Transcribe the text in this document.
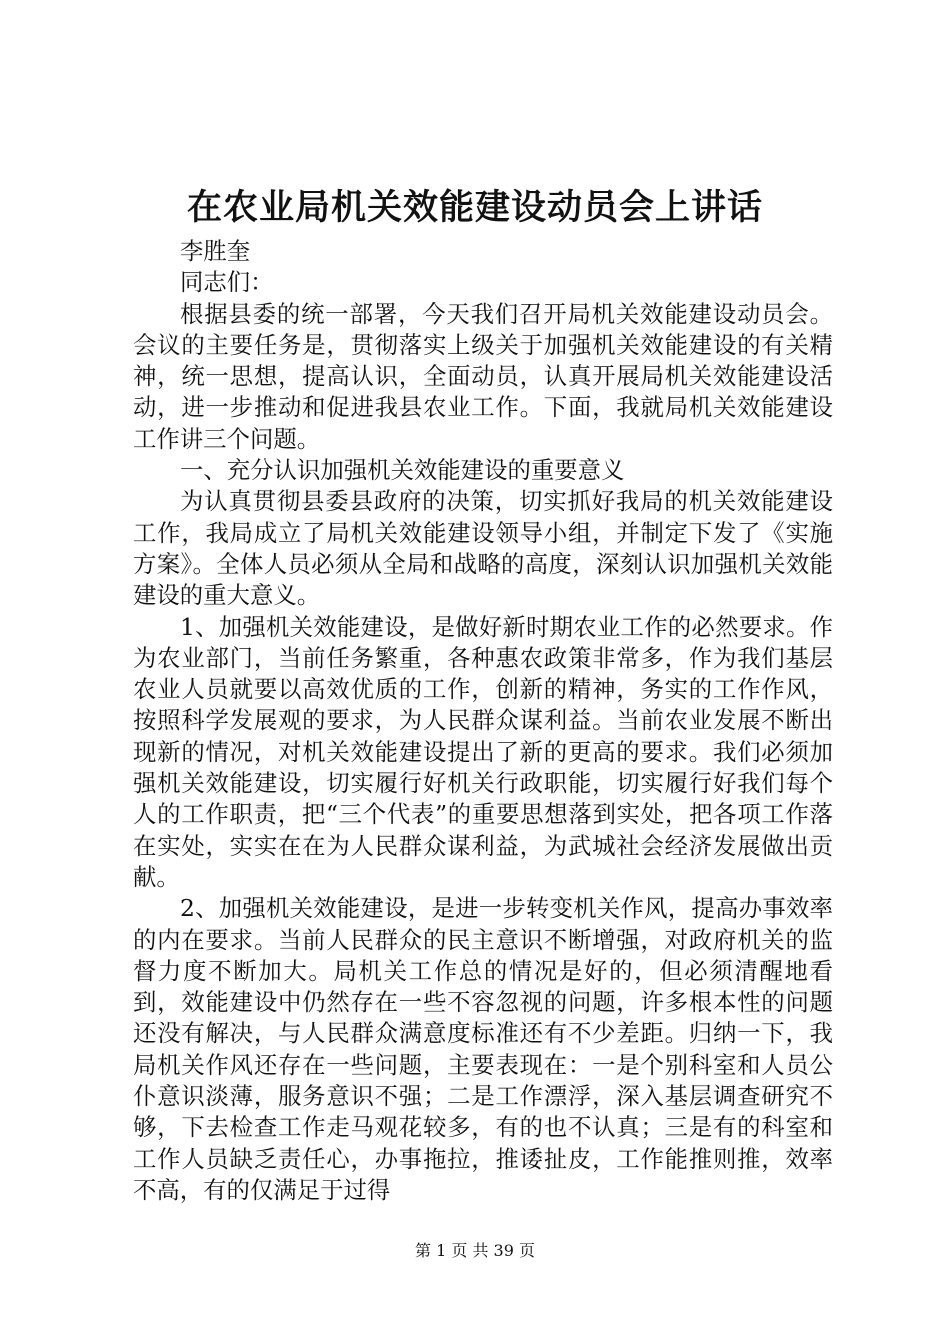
在农业局机关效能建设动员会上讲话

李胜奎

同志们：

根据县委的统一部署，今天我们召开局机关效能建设动员会。会议的主要任务是，贯彻落实上级关于加强机关效能建设的有关精神，统一思想，提高认识，全面动员，认真开展局机关效能建设活动，进一步推动和促进我县农业工作。下面，我就局机关效能建设工作讲三个问题。

一、充分认识加强机关效能建设的重要意义

为认真贯彻县委县政府的决策，切实抓好我局的机关效能建设工作，我局成立了局机关效能建设领导小组，并制定下发了《实施方案》。全体人员必须从全局和战略的高度，深刻认识加强机关效能建设的重大意义。

1、加强机关效能建设，是做好新时期农业工作的必然要求。作为农业部门，当前任务繁重，各种惠农政策非常多，作为我们基层农业人员就要以高效优质的工作，创新的精神，务实的工作作风，按照科学发展观的要求，为人民群众谋利益。当前农业发展不断出现新的情况，对机关效能建设提出了新的更高的要求。我们必须加强机关效能建设，切实履行好机关行政职能，切实履行好我们每个人的工作职责，把“三个代表”的重要思想落到实处，把各项工作落在实处，实实在在为人民群众谋利益，为武城社会经济发展做出贡献。

2、加强机关效能建设，是进一步转变机关作风，提高办事效率的内在要求。当前人民群众的民主意识不断增强，对政府机关的监督力度不断加大。局机关工作总的情况是好的，但必须清醒地看到，效能建设中仍然存在一些不容忽视的问题，许多根本性的问题还没有解决，与人民群众满意度标准还有不少差距。归纳一下，我局机关作风还存在一些问题，主要表现在：一是个别科室和人员公仆意识淡薄，服务意识不强；二是工作漂浮，深入基层调查研究不够，下去检查工作走马观花较多，有的也不认真；三是有的科室和工作人员缺乏责任心，办事拖拉，推诿扯皮，工作能推则推，效率不高，有的仅满足于过得

第 1 页 共 39 页
